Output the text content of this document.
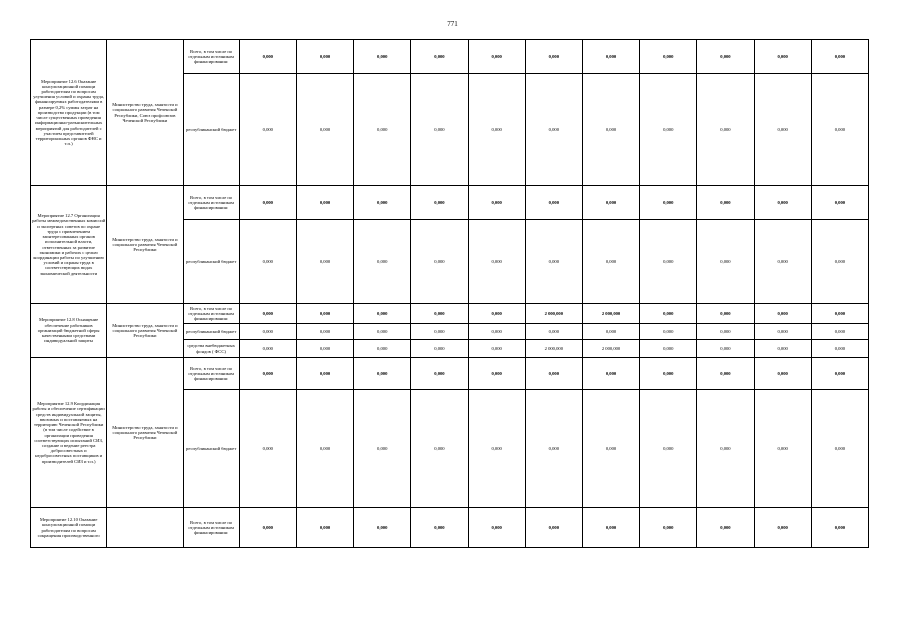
771
Мероприятие 12.6 Оказание консультационной помощи работодателям по вопросам улучшения условий и охраны труда, финансируемых работодателями в размере 0,2% суммы затрат на производство продукции (в том числе существенных проведения информационно-разъяснительных мероприятий для работодателей с участием представителей территориальных органов ФНС и т.п.)	Министерство труда, занятости и социального развития Чеченской Республики, Союз профсоюзов Чеченской Республики	Всего, в том числе по отдельным источникам финансирования:	0,000	0,000	0,000	0,000	0,000	0,000	0,000	0,000	0,000	0,000	0,000
		республиканский бюджет	0,000	0,000	0,000	0,000	0,000	0,000	0,000	0,000	0,000	0,000	0,000
Мероприятие 12.7 Организация работы межведомственных комиссий и экспертных советов по охране труда с привлечением заинтересованных органов исполнительной власти, ответственных за развитие экономики и рабочих с целью координации работы по улучшению условий и охраны труда в соответствующих видах экономической деятельности	Министерство труда, занятости и социального развития Чеченской Республики	Всего, в том числе по отдельным источникам финансирования:	0,000	0,000	0,000	0,000	0,000	0,000	0,000	0,000	0,000	0,000	0,000
		республиканский бюджет	0,000	0,000	0,000	0,000	0,000	0,000	0,000	0,000	0,000	0,000	0,000
Мероприятие 12.8 Оснащение обеспечение работников организаций бюджетной сферы качественными средствами индивидуальной защиты	Министерство труда, занятости и социального развития Чеченской Республики	Всего, в том числе по отдельным источникам финансирования:	0,000	0,000	0,000	0,000	0,000	2 000,000	2 000,000	0,000	0,000	0,000	0,000
		республиканский бюджет	0,000	0,000	0,000	0,000	0,000	0,000	0,000	0,000	0,000	0,000	0,000
		средства внебюджетных фондов ( ФСС)	0,000	0,000	0,000	0,000	0,000	2 000,000	2 000,000	0,000	0,000	0,000	0,000
Мероприятие 12.9 Координация работы и обеспечение сертификации средств индивидуальной защиты, ввозимых и поставляемых на территорию Чеченской Республики (в том числе содействие в организации проведения соответствующих испытаний СИЗ, создание и ведение реестра добросовестных и недобросовестных поставщиков и производителей СИЗ и т.п.)	Министерство труда, занятости и социального развития Чеченской Республики	Всего, в том числе по отдельным источникам финансирования:	0,000	0,000	0,000	0,000	0,000	0,000	0,000	0,000	0,000	0,000	0,000
		республиканский бюджет	0,000	0,000	0,000	0,000	0,000	0,000	0,000	0,000	0,000	0,000	0,000
Мероприятие 12.10 Оказание консультационной помощи работодателям по вопросам сокращения производственного		Всего, в том числе по отдельным источникам финансирования:	0,000	0,000	0,000	0,000	0,000	0,000	0,000	0,000	0,000	0,000	0,000
